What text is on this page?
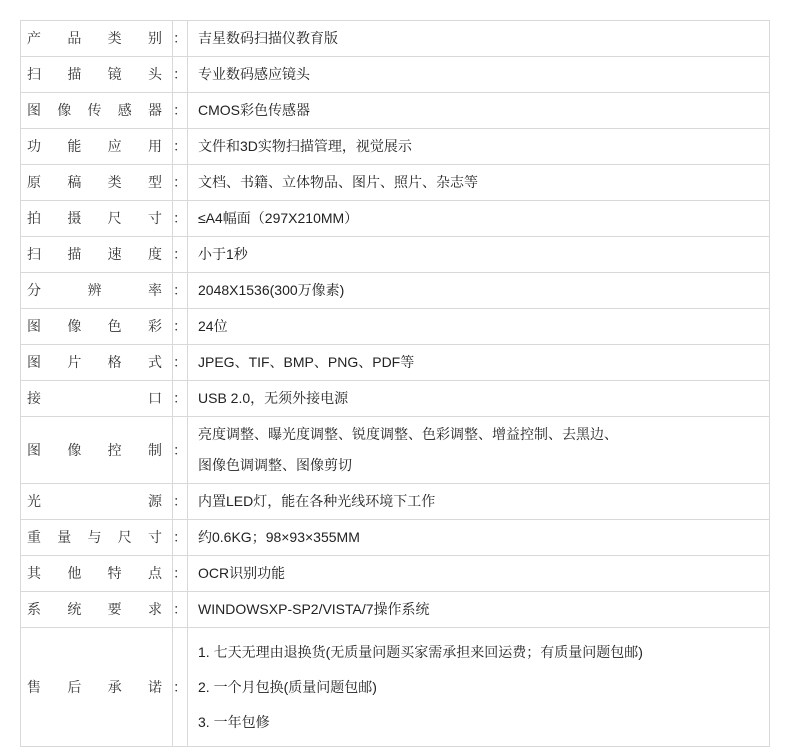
产 品 类 别	：	吉星数码扫描仪教育版

扫 描 镜 头	：	专业数码感应镜头

图像传感器	：	CMOS彩色传感器

功 能 应 用	：	文件和3D实物扫描管理，视觉展示

原 稿 类 型	：	文档、书籍、立体物品、图片、照片、杂志等

拍 摄 尺 寸	：	≤A4幅面（297X210MM）

扫 描 速 度	：	小于1秒

分 辨 率	：	2048X1536(300万像素)

图 像 色 彩	：	24位

图 片 格 式	：	JPEG、TIF、BMP、PNG、PDF等

接 口	：	USB 2.0，无须外接电源

图 像 控 制	：	亮度调整、曝光度调整、锐度调整、色彩调整、增益控制、去黑边、
图像色调调整、图像剪切

光 源	：	内置LED灯，能在各种光线环境下工作

重量与尺寸	：	约0.6KG；98×93×355MM

其 他 特 点	：	OCR识别功能

系 统 要 求	：	WINDOWSXP-SP2/VISTA/7操作系统

售 后 承 诺	：	1. 七天无理由退换货(无质量问题买家需承担来回运费；有质量问题包邮)
2. 一个月包换(质量问题包邮)
3. 一年包修
